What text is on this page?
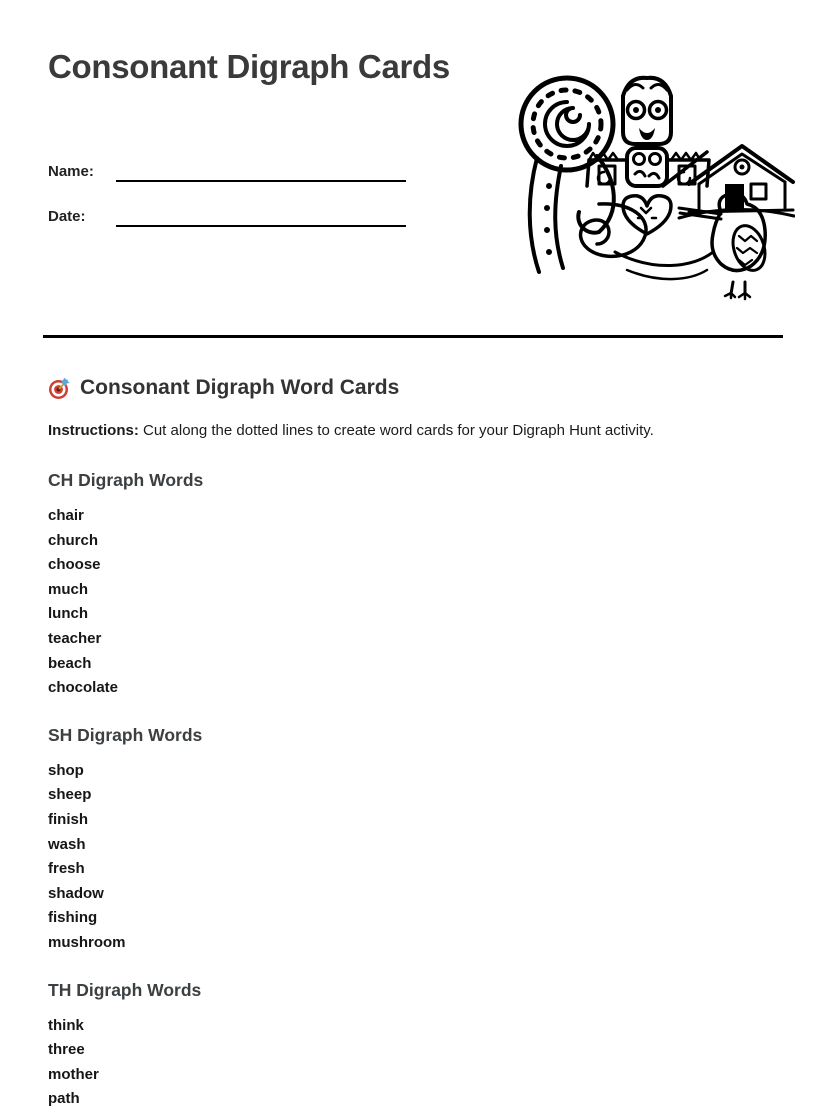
Consonant Digraph Cards
Name:
Date:
Consonant Digraph Word Cards

Instructions: Cut along the dotted lines to create word cards for your Digraph Hunt activity.

CH Digraph Words
chair
church
choose
much
lunch
teacher
beach
chocolate
SH Digraph Words
shop
sheep
finish
wash
fresh
shadow
fishing
mushroom
TH Digraph Words
think
three
mother
path
